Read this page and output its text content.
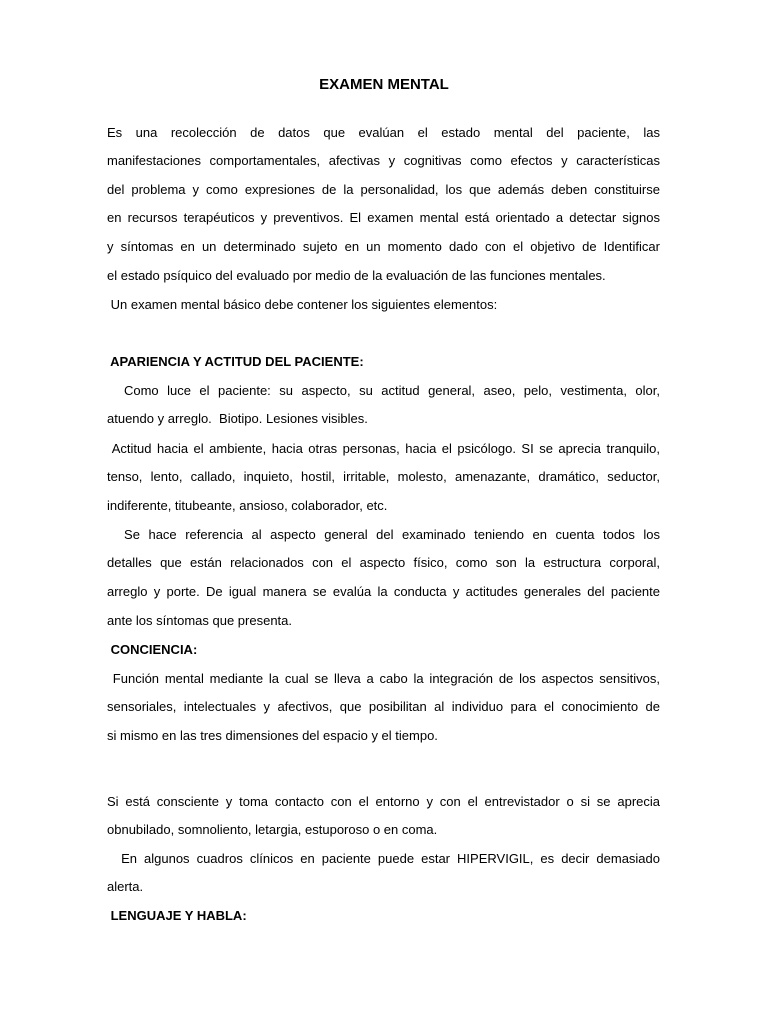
EXAMEN MENTAL
Es una recolección de datos que evalúan el estado mental del paciente, las
manifestaciones comportamentales, afectivas y cognitivas como efectos y características
del problema y como expresiones de la personalidad, los que además deben constituirse
en recursos terapéuticos y preventivos. El examen mental está orientado a detectar signos
y síntomas en un determinado sujeto en un momento dado con el objetivo de Identificar
el estado psíquico del evaluado por medio de la evaluación de las funciones mentales.
Un examen mental básico debe contener los siguientes elementos:
APARIENCIA Y ACTITUD DEL PACIENTE:
Como luce el paciente: su aspecto, su actitud general, aseo, pelo, vestimenta, olor,
atuendo y arreglo.  Biotipo. Lesiones visibles.
Actitud hacia el ambiente, hacia otras personas, hacia el psicólogo. SI se aprecia tranquilo,
tenso, lento, callado, inquieto, hostil, irritable, molesto, amenazante, dramático, seductor,
indiferente, titubeante, ansioso, colaborador, etc.
Se hace referencia al aspecto general del examinado teniendo en cuenta todos los
detalles que están relacionados con el aspecto físico, como son la estructura corporal,
arreglo y porte. De igual manera se evalúa la conducta y actitudes generales del paciente
ante los síntomas que presenta.
CONCIENCIA:
Función mental mediante la cual se lleva a cabo la integración de los aspectos sensitivos,
sensoriales, intelectuales y afectivos, que posibilitan al individuo para el conocimiento de
si mismo en las tres dimensiones del espacio y el tiempo.
Si está consciente y toma contacto con el entorno y con el entrevistador o si se aprecia
obnubilado, somnoliento, letargia, estuporoso o en coma.
En algunos cuadros clínicos en paciente puede estar HIPERVIGIL, es decir demasiado
alerta.
LENGUAJE Y HABLA:
